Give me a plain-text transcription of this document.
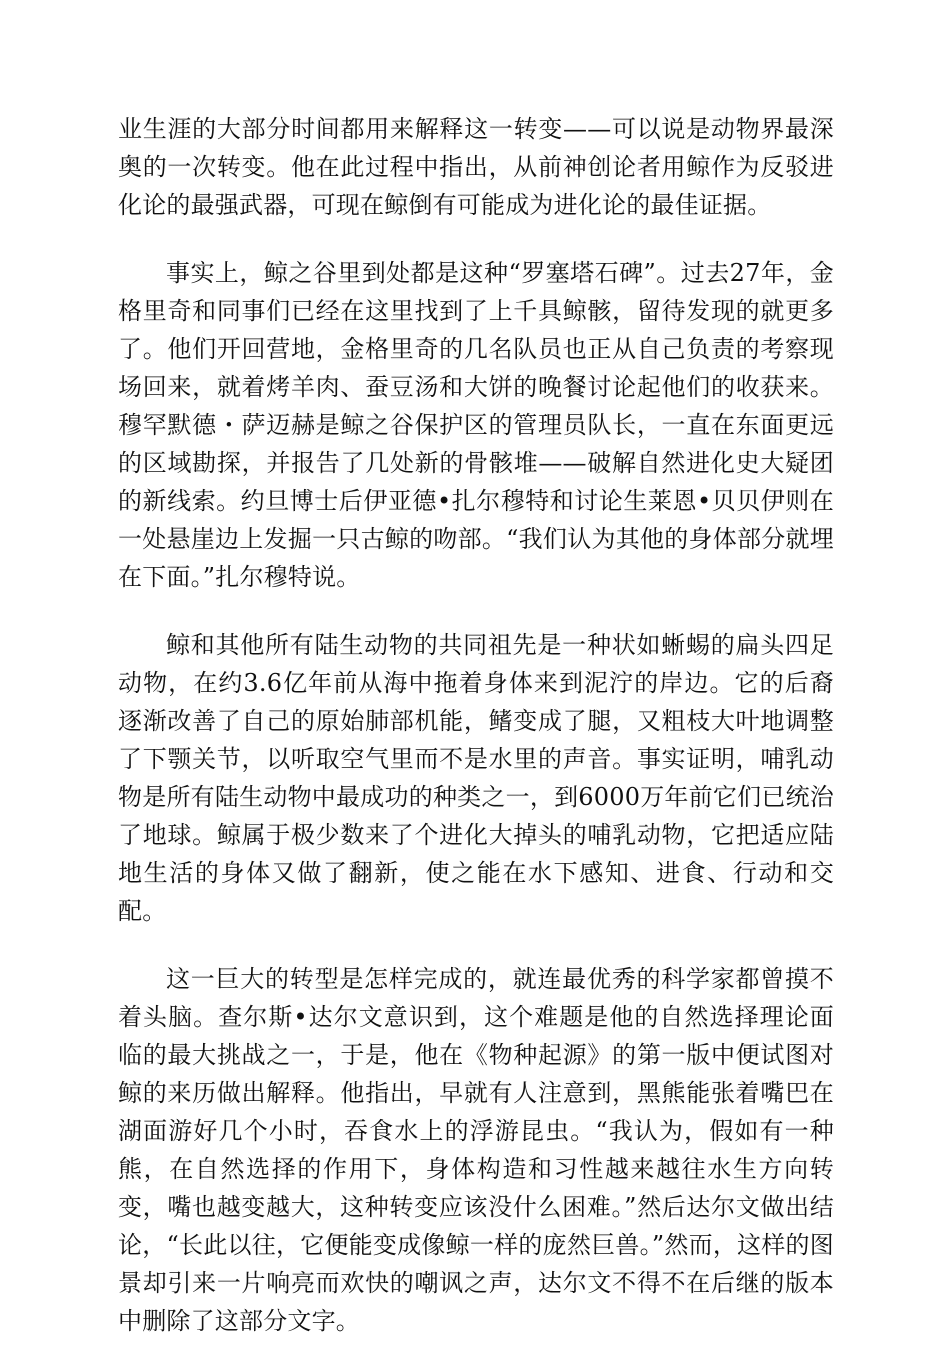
业生涯的大部分时间都用来解释这一转变——可以说是动物界最深奥的一次转变。他在此过程中指出，从前神创论者用鲸作为反驳进化论的最强武器，可现在鲸倒有可能成为进化论的最佳证据。

事实上，鲸之谷里到处都是这种“罗塞塔石碑”。过去27年，金格里奇和同事们已经在这里找到了上千具鲸骸，留待发现的就更多了。他们开回营地，金格里奇的几名队员也正从自己负责的考察现场回来，就着烤羊肉、蚕豆汤和大饼的晚餐讨论起他们的收获来。穆罕默德・萨迈赫是鲸之谷保护区的管理员队长，一直在东面更远的区域勘探，并报告了几处新的骨骸堆——破解自然进化史大疑团的新线索。约旦博士后伊亚德•扎尔穆特和讨论生莱恩•贝贝伊则在一处悬崖边上发掘一只古鲸的吻部。“我们认为其他的身体部分就埋在下面。”扎尔穆特说。

鲸和其他所有陆生动物的共同祖先是一种状如蜥蜴的扁头四足动物，在约3.6亿年前从海中拖着身体来到泥泞的岸边。它的后裔逐渐改善了自己的原始肺部机能，鳍变成了腿，又粗枝大叶地调整了下颚关节，以听取空气里而不是水里的声音。事实证明，哺乳动物是所有陆生动物中最成功的种类之一，到6000万年前它们已统治了地球。鲸属于极少数来了个进化大掉头的哺乳动物，它把适应陆地生活的身体又做了翻新，使之能在水下感知、进食、行动和交配。

这一巨大的转型是怎样完成的，就连最优秀的科学家都曾摸不着头脑。查尔斯•达尔文意识到，这个难题是他的自然选择理论面临的最大挑战之一，于是，他在《物种起源》的第一版中便试图对鲸的来历做出解释。他指出，早就有人注意到，黑熊能张着嘴巴在湖面游好几个小时，吞食水上的浮游昆虫。“我认为，假如有一种熊，在自然选择的作用下，身体构造和习性越来越往水生方向转变，嘴也越变越大，这种转变应该没什么困难。”然后达尔文做出结论，“长此以往，它便能变成像鲸一样的庞然巨兽。”然而，这样的图景却引来一片响亮而欢快的嘲讽之声，达尔文不得不在后继的版本中删除了这部分文字。
